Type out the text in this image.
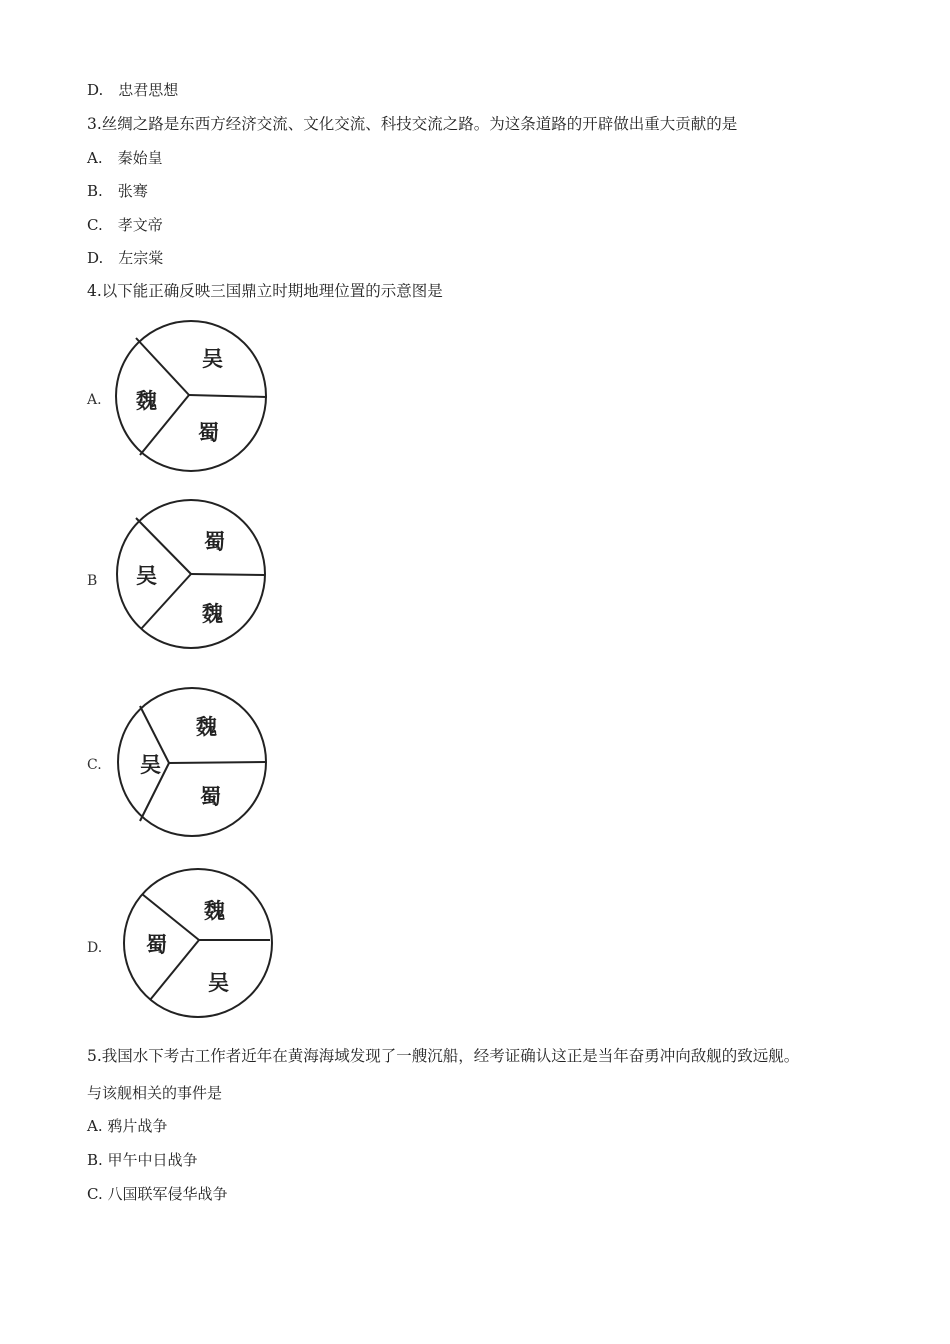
D.　忠君思想
3.丝绸之路是东西方经济交流、文化交流、科技交流之路。为这条道路的开辟做出重大贡献的是
A.　秦始皇
B.　张骞
C.　孝文帝
D.　左宗棠
4.以下能正确反映三国鼎立时期地理位置的示意图是
A. 魏
吴
蜀
B 吴
蜀
魏
C. 吴
魏
蜀
D. 蜀
魏
吴
5.我国水下考古工作者近年在黄海海域发现了一艘沉船，经考证确认这正是当年奋勇冲向敌舰的致远舰。
与该舰相关的事件是
A. 鸦片战争
B. 甲午中日战争
C. 八国联军侵华战争
